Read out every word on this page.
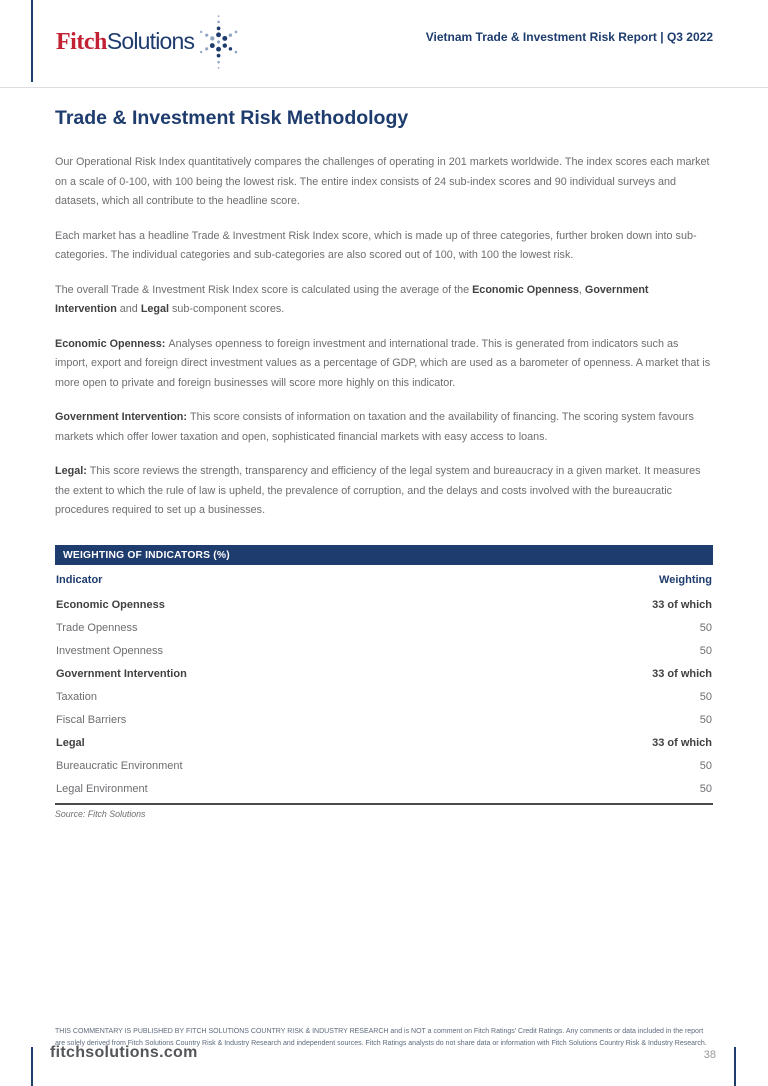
Fitch Solutions	Vietnam Trade & Investment Risk Report | Q3 2022
Trade & Investment Risk Methodology

Our Operational Risk Index quantitatively compares the challenges of operating in 201 markets worldwide. The index scores each market on a scale of 0-100, with 100 being the lowest risk. The entire index consists of 24 sub-index scores and 90 individual surveys and datasets, which all contribute to the headline score.

Each market has a headline Trade & Investment Risk Index score, which is made up of three categories, further broken down into sub-categories. The individual categories and sub-categories are also scored out of 100, with 100 the lowest risk.

The overall Trade & Investment Risk Index score is calculated using the average of the Economic Openness, Government Intervention and Legal sub-component scores.

Economic Openness: Analyses openness to foreign investment and international trade. This is generated from indicators such as import, export and foreign direct investment values as a percentage of GDP, which are used as a barometer of openness. A market that is more open to private and foreign businesses will score more highly on this indicator.

Government Intervention: This score consists of information on taxation and the availability of financing. The scoring system favours markets which offer lower taxation and open, sophisticated financial markets with easy access to loans.

Legal: This score reviews the strength, transparency and efficiency of the legal system and bureaucracy in a given market. It measures the extent to which the rule of law is upheld, the prevalence of corruption, and the delays and costs involved with the bureaucratic procedures required to set up a businesses.

WEIGHTING OF INDICATORS (%)
Indicator	Weighting
Economic Openness	33 of which
Trade Openness	50
Investment Openness	50
Government Intervention	33 of which
Taxation	50
Fiscal Barriers	50
Legal	33 of which
Bureaucratic Environment	50
Legal Environment	50
Source: Fitch Solutions
THIS COMMENTARY IS PUBLISHED BY FITCH SOLUTIONS COUNTRY RISK & INDUSTRY RESEARCH and is NOT a comment on Fitch Ratings’ Credit Ratings. Any comments or data included in the report are solely derived from Fitch Solutions Country Risk & Industry Research and independent sources. Fitch Ratings analysts do not share data or information with Fitch Solutions Country Risk & Industry Research.
fitchsolutions.com	38
